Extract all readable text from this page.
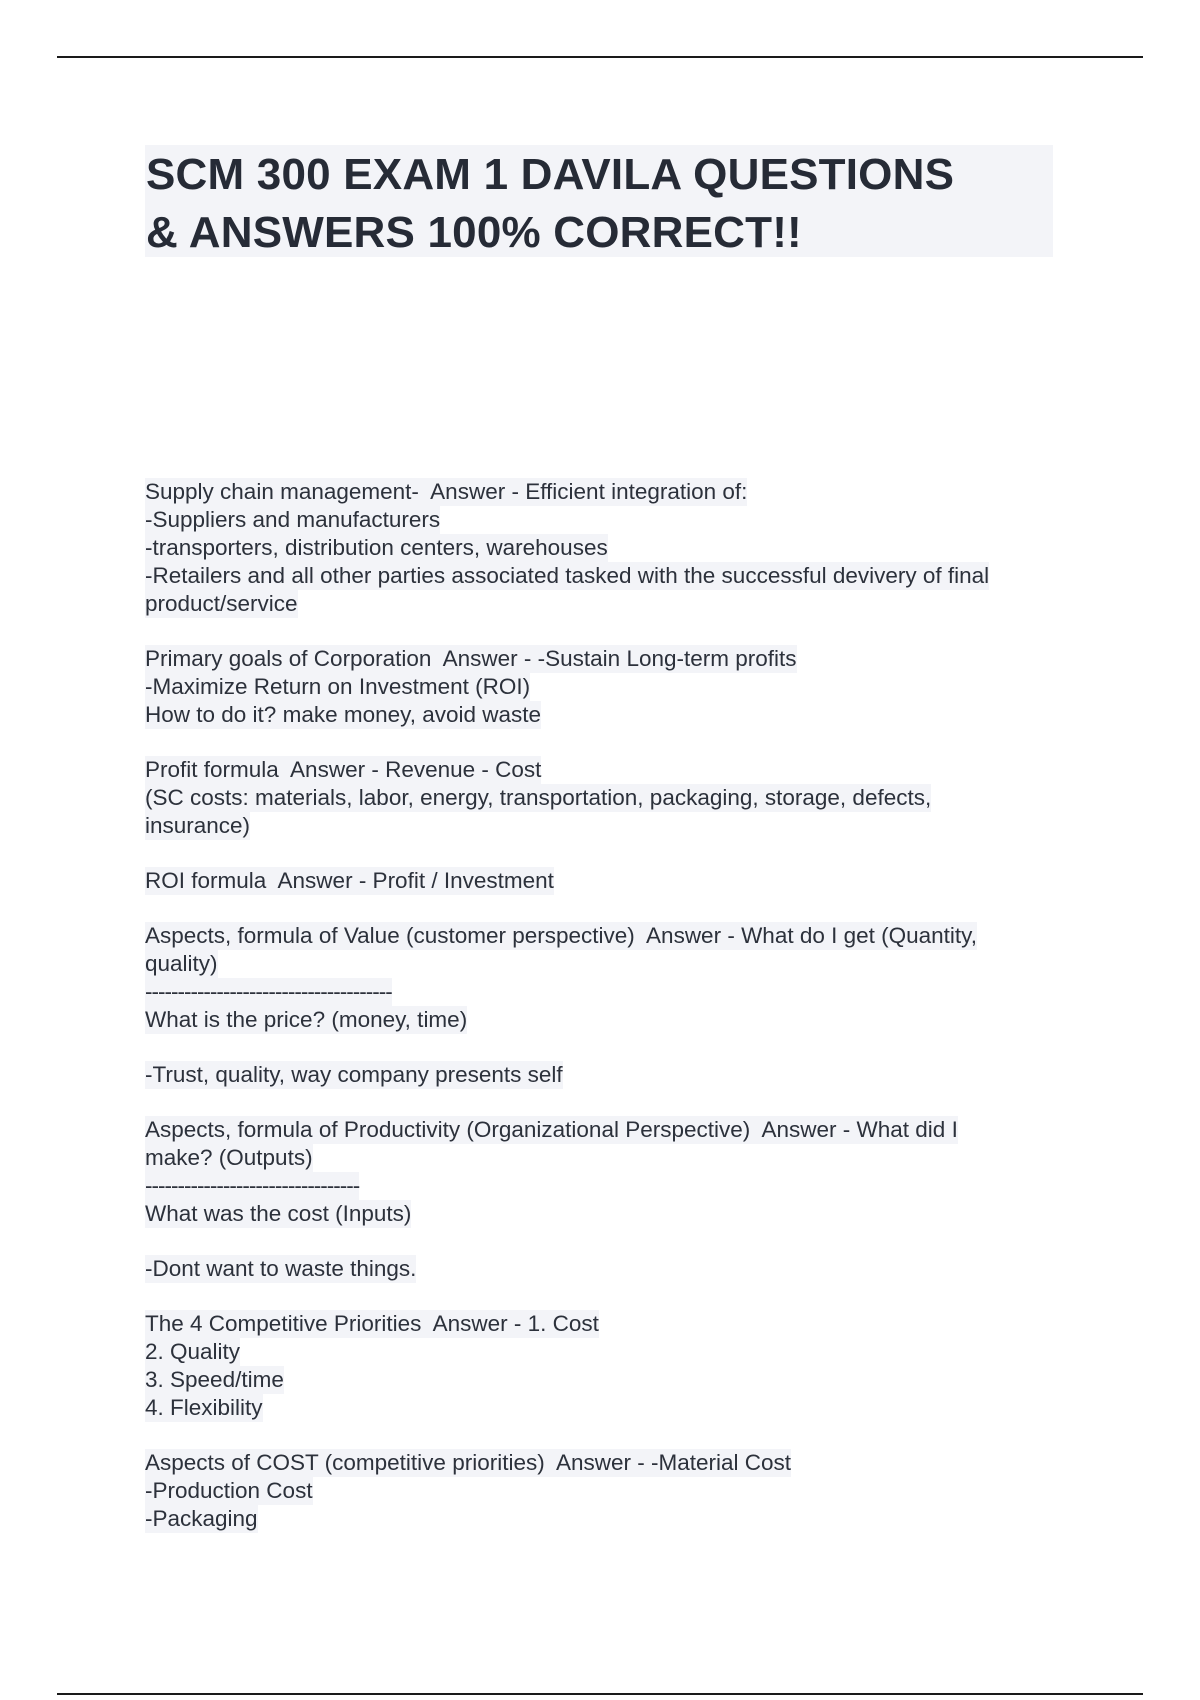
SCM 300 EXAM 1 DAVILA QUESTIONS
& ANSWERS 100% CORRECT!!
Supply chain management-  Answer - Efficient integration of:
-Suppliers and manufacturers
-transporters, distribution centers, warehouses
-Retailers and all other parties associated tasked with the successful devivery of final
product/service
Primary goals of Corporation  Answer - -Sustain Long-term profits
-Maximize Return on Investment (ROI)
How to do it? make money, avoid waste
Profit formula  Answer - Revenue - Cost
(SC costs: materials, labor, energy, transportation, packaging, storage, defects,
insurance)
ROI formula  Answer - Profit / Investment
Aspects, formula of Value (customer perspective)  Answer - What do I get (Quantity,
quality)
--------------------------------------
What is the price? (money, time)
-Trust, quality, way company presents self
Aspects, formula of Productivity (Organizational Perspective)  Answer - What did I
make? (Outputs)
---------------------------------
What was the cost (Inputs)
-Dont want to waste things.
The 4 Competitive Priorities  Answer - 1. Cost
2. Quality
3. Speed/time
4. Flexibility
Aspects of COST (competitive priorities)  Answer - -Material Cost
-Production Cost
-Packaging
